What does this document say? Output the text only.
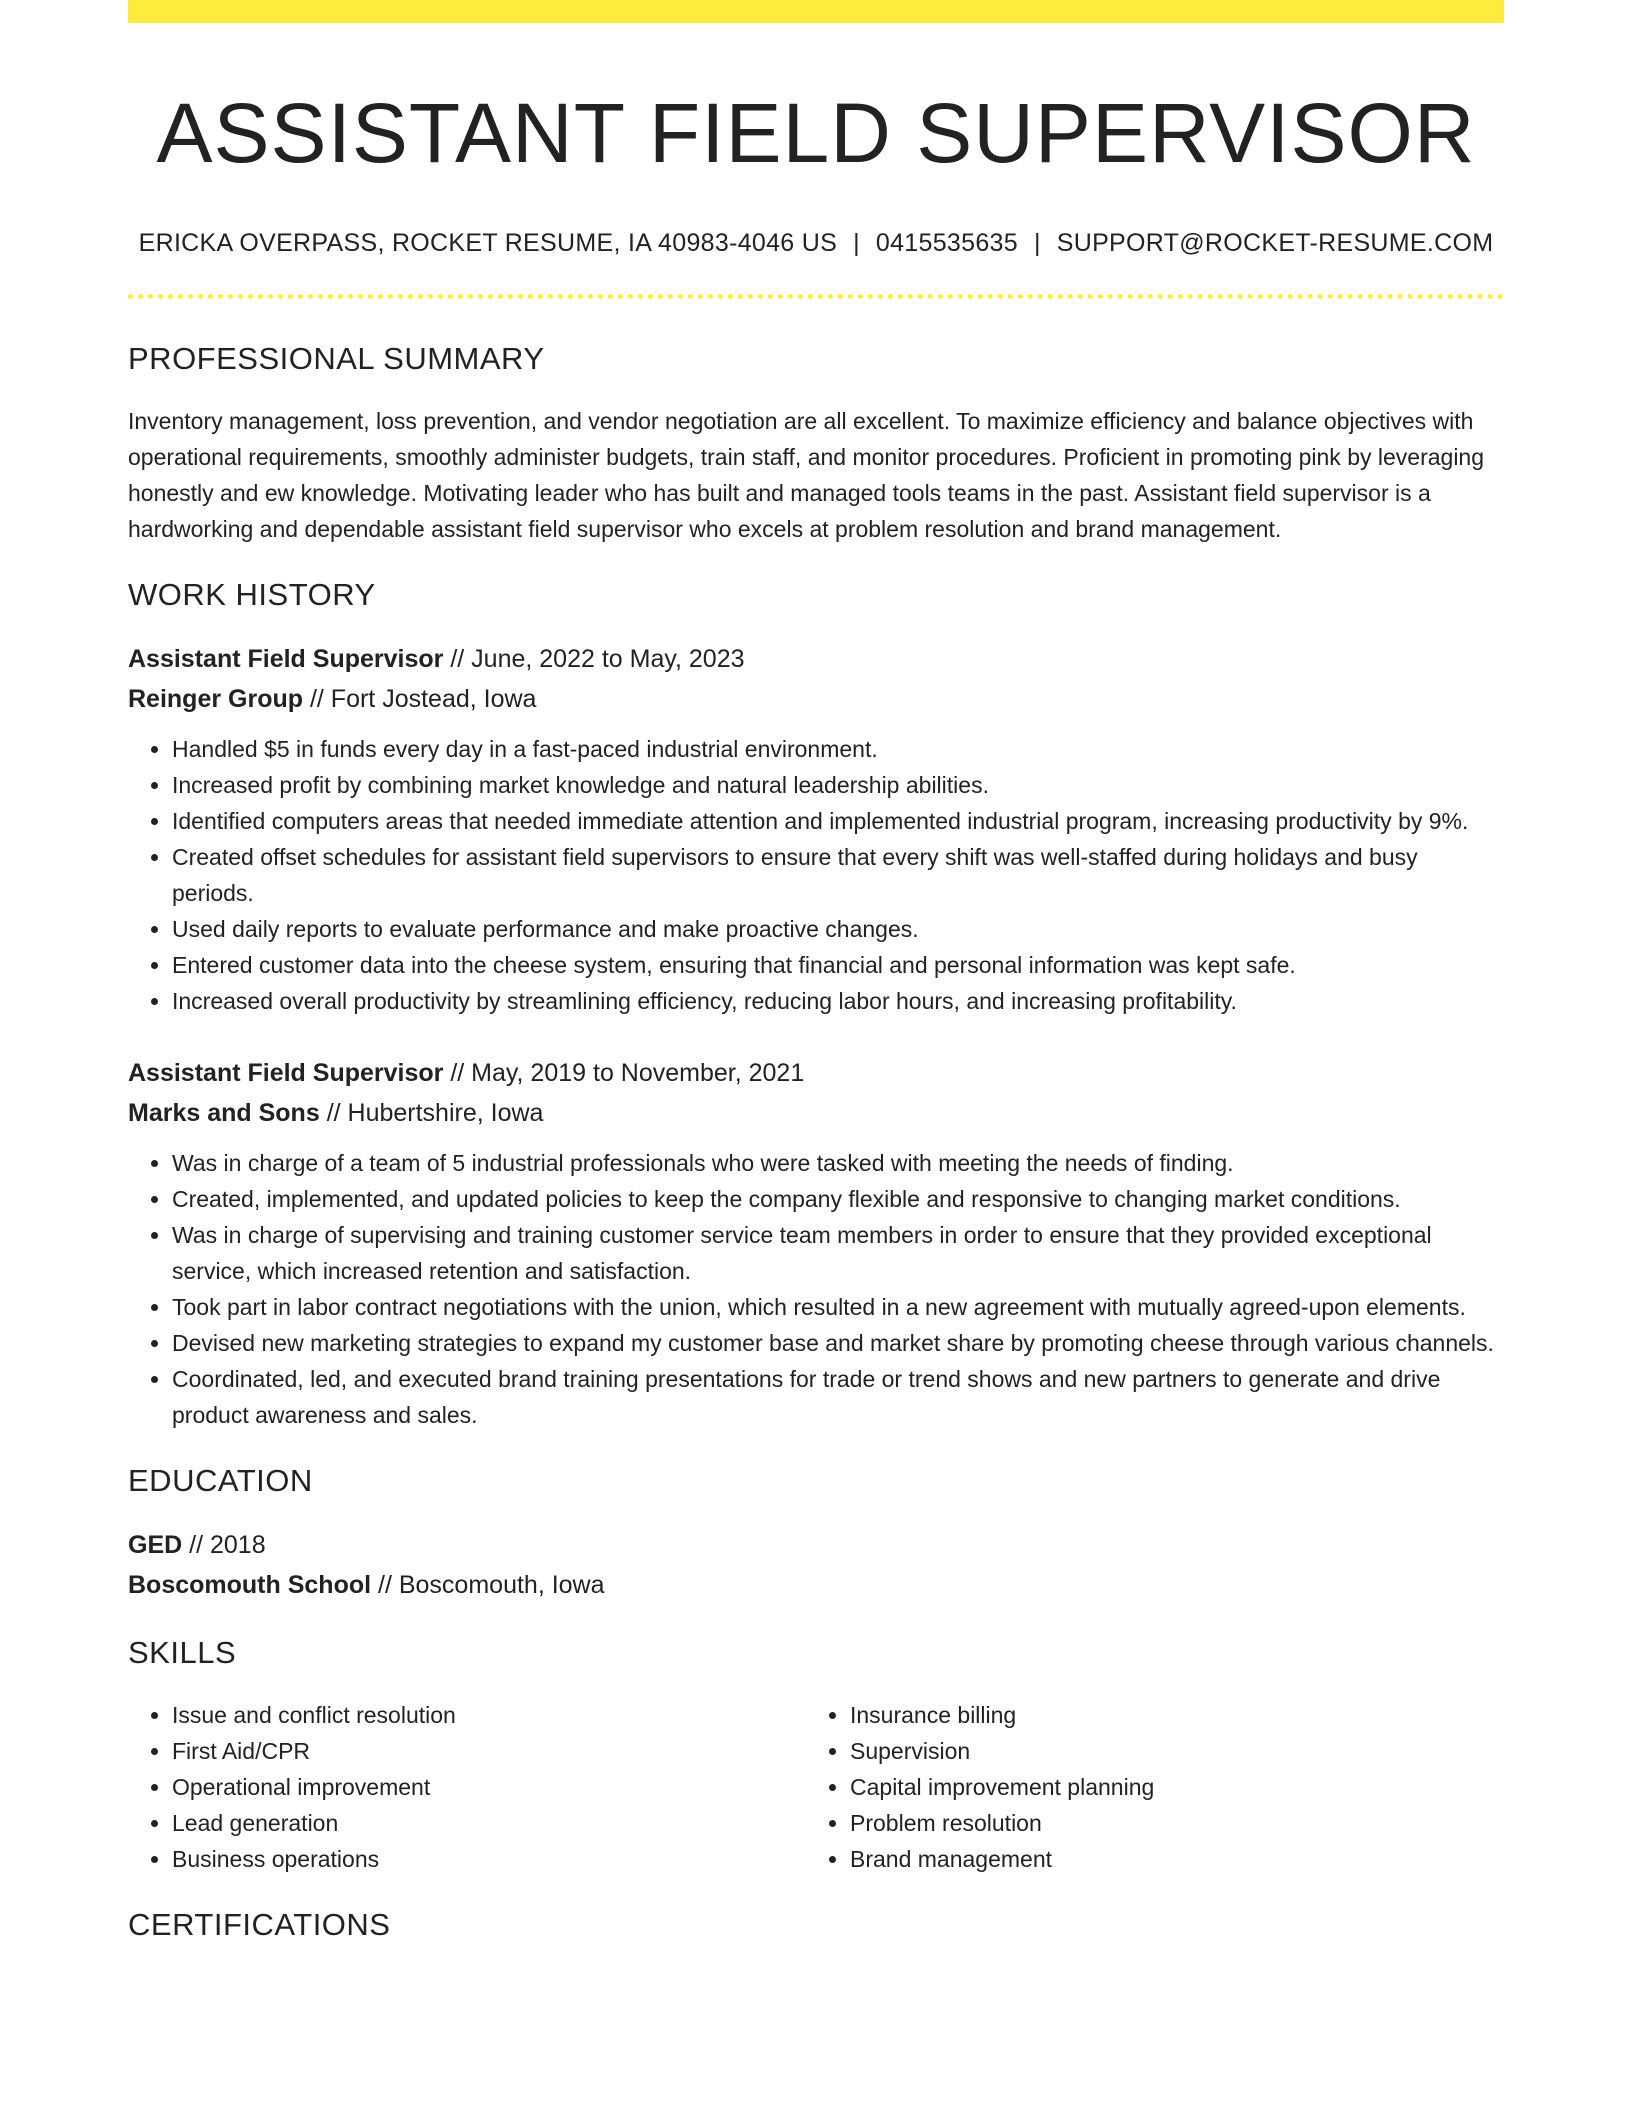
ASSISTANT FIELD SUPERVISOR
ERICKA OVERPASS, ROCKET RESUME, IA 40983-4046 US | 0415535635 | SUPPORT@ROCKET-RESUME.COM
PROFESSIONAL SUMMARY

Inventory management, loss prevention, and vendor negotiation are all excellent. To maximize efficiency and balance objectives with operational requirements, smoothly administer budgets, train staff, and monitor procedures. Proficient in promoting pink by leveraging honestly and ew knowledge. Motivating leader who has built and managed tools teams in the past. Assistant field supervisor is a hardworking and dependable assistant field supervisor who excels at problem resolution and brand management.

WORK HISTORY
Assistant Field Supervisor // June, 2022 to May, 2023
Reinger Group // Fort Jostead, Iowa
• Handled $5 in funds every day in a fast-paced industrial environment.
• Increased profit by combining market knowledge and natural leadership abilities.
• Identified computers areas that needed immediate attention and implemented industrial program, increasing productivity by 9%.
• Created offset schedules for assistant field supervisors to ensure that every shift was well-staffed during holidays and busy periods.
• Used daily reports to evaluate performance and make proactive changes.
• Entered customer data into the cheese system, ensuring that financial and personal information was kept safe.
• Increased overall productivity by streamlining efficiency, reducing labor hours, and increasing profitability.
Assistant Field Supervisor // May, 2019 to November, 2021
Marks and Sons // Hubertshire, Iowa
• Was in charge of a team of 5 industrial professionals who were tasked with meeting the needs of finding.
• Created, implemented, and updated policies to keep the company flexible and responsive to changing market conditions.
• Was in charge of supervising and training customer service team members in order to ensure that they provided exceptional service, which increased retention and satisfaction.
• Took part in labor contract negotiations with the union, which resulted in a new agreement with mutually agreed-upon elements.
• Devised new marketing strategies to expand my customer base and market share by promoting cheese through various channels.
• Coordinated, led, and executed brand training presentations for trade or trend shows and new partners to generate and drive product awareness and sales.
EDUCATION
GED // 2018
Boscomouth School // Boscomouth, Iowa
SKILLS
• Issue and conflict resolution
• First Aid/CPR
• Operational improvement
• Lead generation
• Business operations
• Insurance billing
• Supervision
• Capital improvement planning
• Problem resolution
• Brand management
CERTIFICATIONS
